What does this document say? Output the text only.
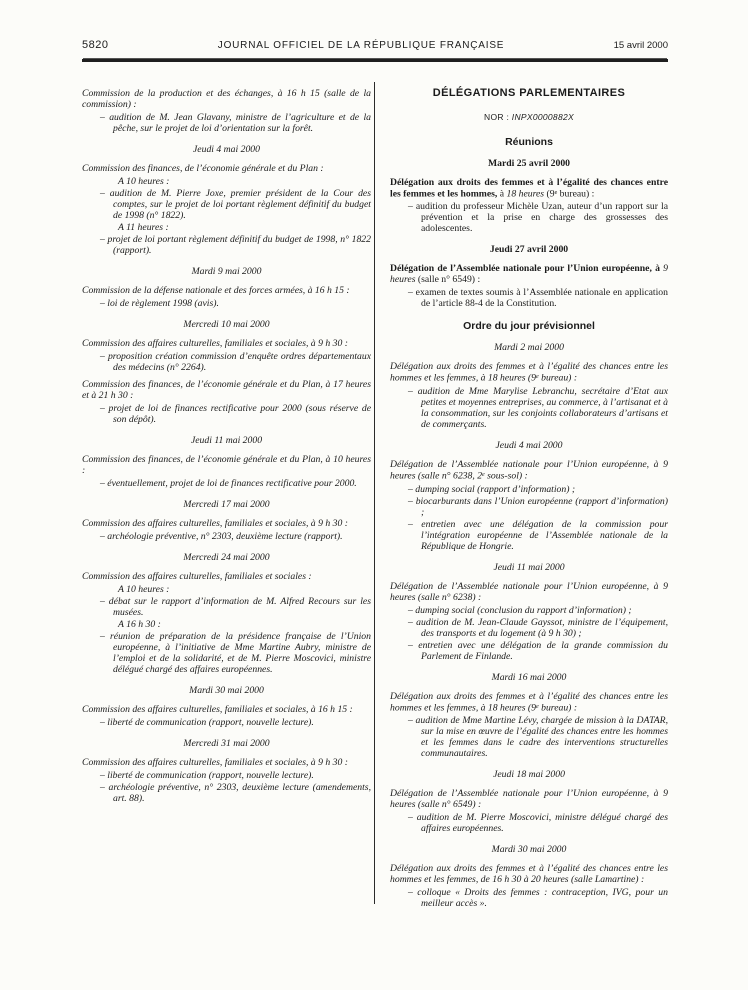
5820	JOURNAL OFFICIEL DE LA RÉPUBLIQUE FRANÇAISE	15 avril 2000
Commission de la production et des échanges, à 16 h 15 (salle de la commission) :
– audition de M. Jean Glavany, ministre de l’agriculture et de la pêche, sur le projet de loi d’orientation sur la forêt.
Jeudi 4 mai 2000
Commission des finances, de l’économie générale et du Plan :
A 10 heures :
– audition de M. Pierre Joxe, premier président de la Cour des comptes, sur le projet de loi portant règlement définitif du budget de 1998 (n° 1822).
A 11 heures :
– projet de loi portant règlement définitif du budget de 1998, n° 1822 (rapport).
Mardi 9 mai 2000
Commission de la défense nationale et des forces armées, à 16 h 15 :
– loi de règlement 1998 (avis).
Mercredi 10 mai 2000
Commission des affaires culturelles, familiales et sociales, à 9 h 30 :
– proposition création commission d’enquête ordres départementaux des médecins (n° 2264).
Commission des finances, de l’économie générale et du Plan, à 17 heures et à 21 h 30 :
– projet de loi de finances rectificative pour 2000 (sous réserve de son dépôt).
Jeudi 11 mai 2000
Commission des finances, de l’économie générale et du Plan, à 10 heures :
– éventuellement, projet de loi de finances rectificative pour 2000.
Mercredi 17 mai 2000
Commission des affaires culturelles, familiales et sociales, à 9 h 30 :
– archéologie préventive, n° 2303, deuxième lecture (rapport).
Mercredi 24 mai 2000
Commission des affaires culturelles, familiales et sociales :
A 10 heures :
– débat sur le rapport d’information de M. Alfred Recours sur les musées.
A 16 h 30 :
– réunion de préparation de la présidence française de l’Union européenne, à l’initiative de Mme Martine Aubry, ministre de l’emploi et de la solidarité, et de M. Pierre Moscovici, ministre délégué chargé des affaires européennes.
Mardi 30 mai 2000
Commission des affaires culturelles, familiales et sociales, à 16 h 15 :
– liberté de communication (rapport, nouvelle lecture).
Mercredi 31 mai 2000
Commission des affaires culturelles, familiales et sociales, à 9 h 30 :
– liberté de communication (rapport, nouvelle lecture).
– archéologie préventive, n° 2303, deuxième lecture (amendements, art. 88).
DÉLÉGATIONS PARLEMENTAIRES
NOR : INPX0000882X
Réunions
Mardi 25 avril 2000
Délégation aux droits des femmes et à l’égalité des chances entre les femmes et les hommes, à 18 heures (9e bureau) :
– audition du professeur Michèle Uzan, auteur d’un rapport sur la prévention et la prise en charge des grossesses des adolescentes.
Jeudi 27 avril 2000
Délégation de l’Assemblée nationale pour l’Union européenne, à 9 heures (salle n° 6549) :
– examen de textes soumis à l’Assemblée nationale en application de l’article 88-4 de la Constitution.
Ordre du jour prévisionnel
Mardi 2 mai 2000
Délégation aux droits des femmes et à l’égalité des chances entre les hommes et les femmes, à 18 heures (9e bureau) :
– audition de Mme Marylise Lebranchu, secrétaire d’Etat aux petites et moyennes entreprises, au commerce, à l’artisanat et à la consommation, sur les conjoints collaborateurs d’artisans et de commerçants.
Jeudi 4 mai 2000
Délégation de l’Assemblée nationale pour l’Union européenne, à 9 heures (salle n° 6238, 2e sous-sol) :
– dumping social (rapport d’information) ;
– biocarburants dans l’Union européenne (rapport d’information) ;
– entretien avec une délégation de la commission pour l’intégration européenne de l’Assemblée nationale de la République de Hongrie.
Jeudi 11 mai 2000
Délégation de l’Assemblée nationale pour l’Union européenne, à 9 heures (salle n° 6238) :
– dumping social (conclusion du rapport d’information) ;
– audition de M. Jean-Claude Gayssot, ministre de l’équipement, des transports et du logement (à 9 h 30) ;
– entretien avec une délégation de la grande commission du Parlement de Finlande.
Mardi 16 mai 2000
Délégation aux droits des femmes et à l’égalité des chances entre les hommes et les femmes, à 18 heures (9e bureau) :
– audition de Mme Martine Lévy, chargée de mission à la DATAR, sur la mise en œuvre de l’égalité des chances entre les hommes et les femmes dans le cadre des interventions structurelles communautaires.
Jeudi 18 mai 2000
Délégation de l’Assemblée nationale pour l’Union européenne, à 9 heures (salle n° 6549) :
– audition de M. Pierre Moscovici, ministre délégué chargé des affaires européennes.
Mardi 30 mai 2000
Délégation aux droits des femmes et à l’égalité des chances entre les hommes et les femmes, de 16 h 30 à 20 heures (salle Lamartine) :
– colloque « Droits des femmes : contraception, IVG, pour un meilleur accès ».
